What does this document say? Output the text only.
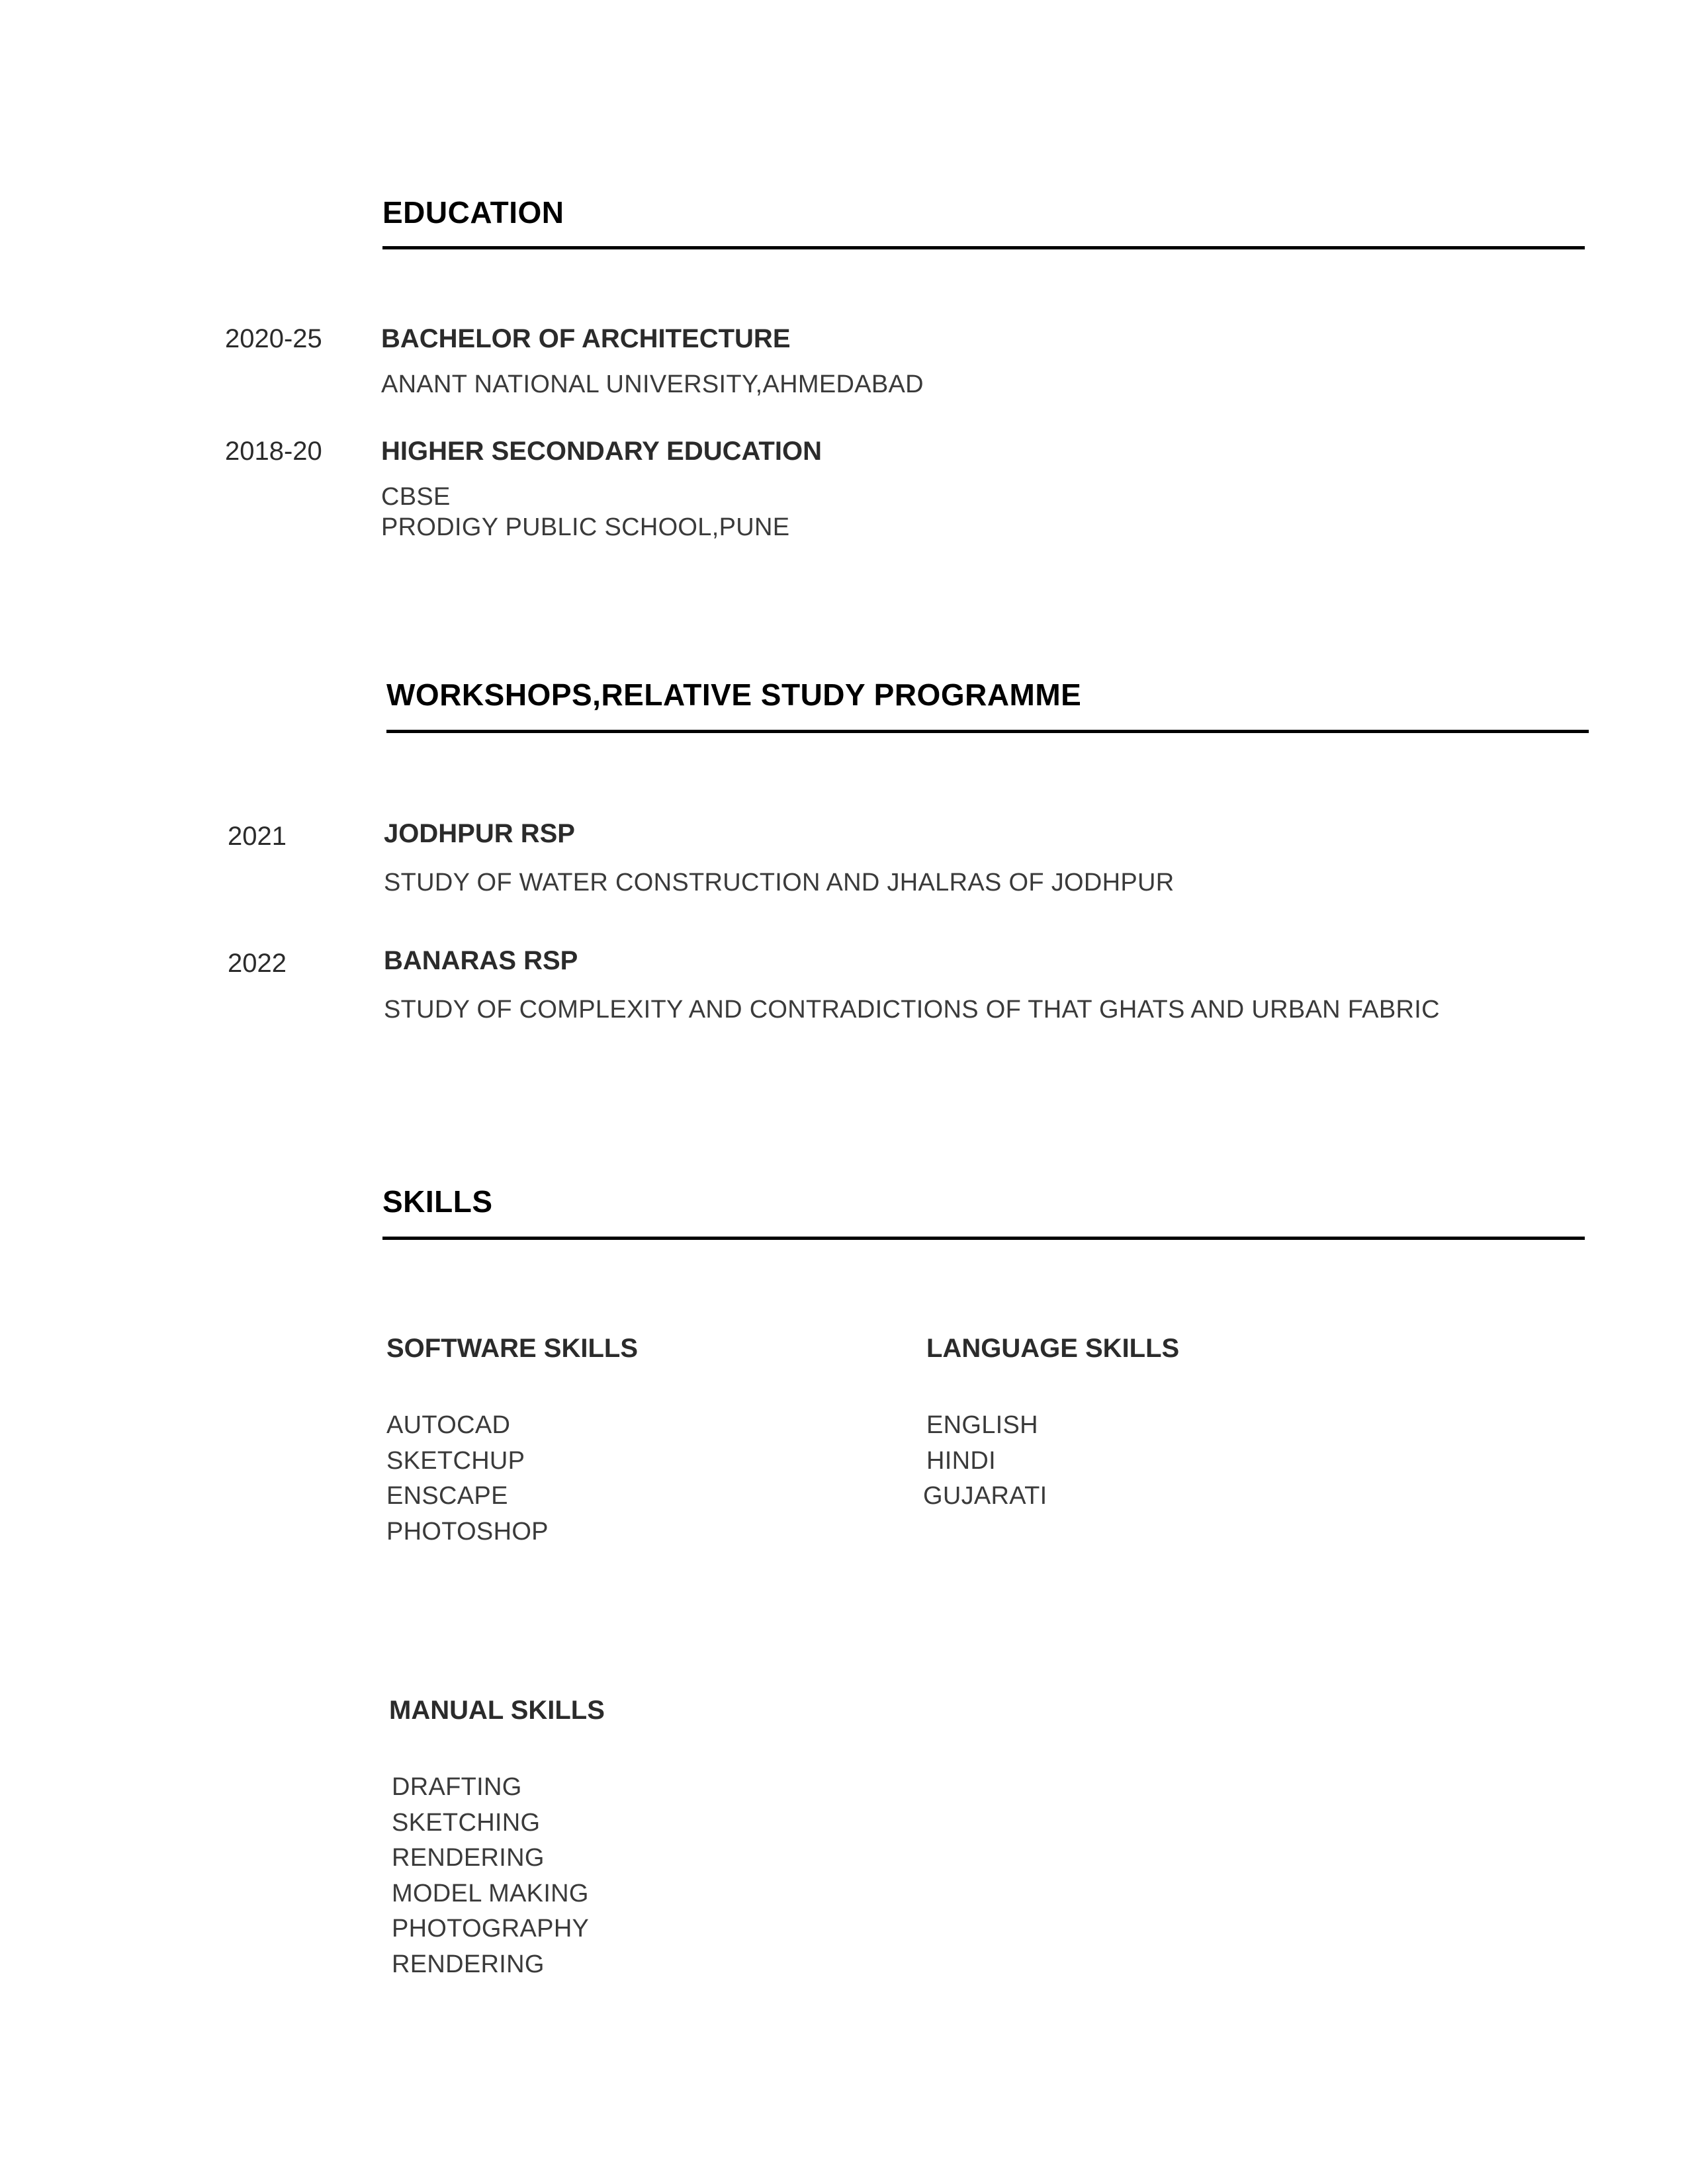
EDUCATION
2020-25 BACHELOR OF ARCHITECTURE
ANANT NATIONAL UNIVERSITY,AHMEDABAD
2018-20 HIGHER SECONDARY EDUCATION
CBSE
PRODIGY PUBLIC SCHOOL,PUNE
WORKSHOPS,RELATIVE STUDY PROGRAMME
2021	JODHPUR RSP
STUDY OF WATER CONSTRUCTION AND JHALRAS OF JODHPUR
2022	BANARAS RSP
STUDY OF COMPLEXITY AND CONTRADICTIONS OF THAT GHATS AND URBAN FABRIC
SKILLS
SOFTWARE SKILLS
AUTOCAD
SKETCHUP
ENSCAPE
PHOTOSHOP
LANGUAGE SKILLS
ENGLISH
HINDI
GUJARATI
MANUAL SKILLS
DRAFTING
SKETCHING
RENDERING
MODEL MAKING
PHOTOGRAPHY
RENDERING
